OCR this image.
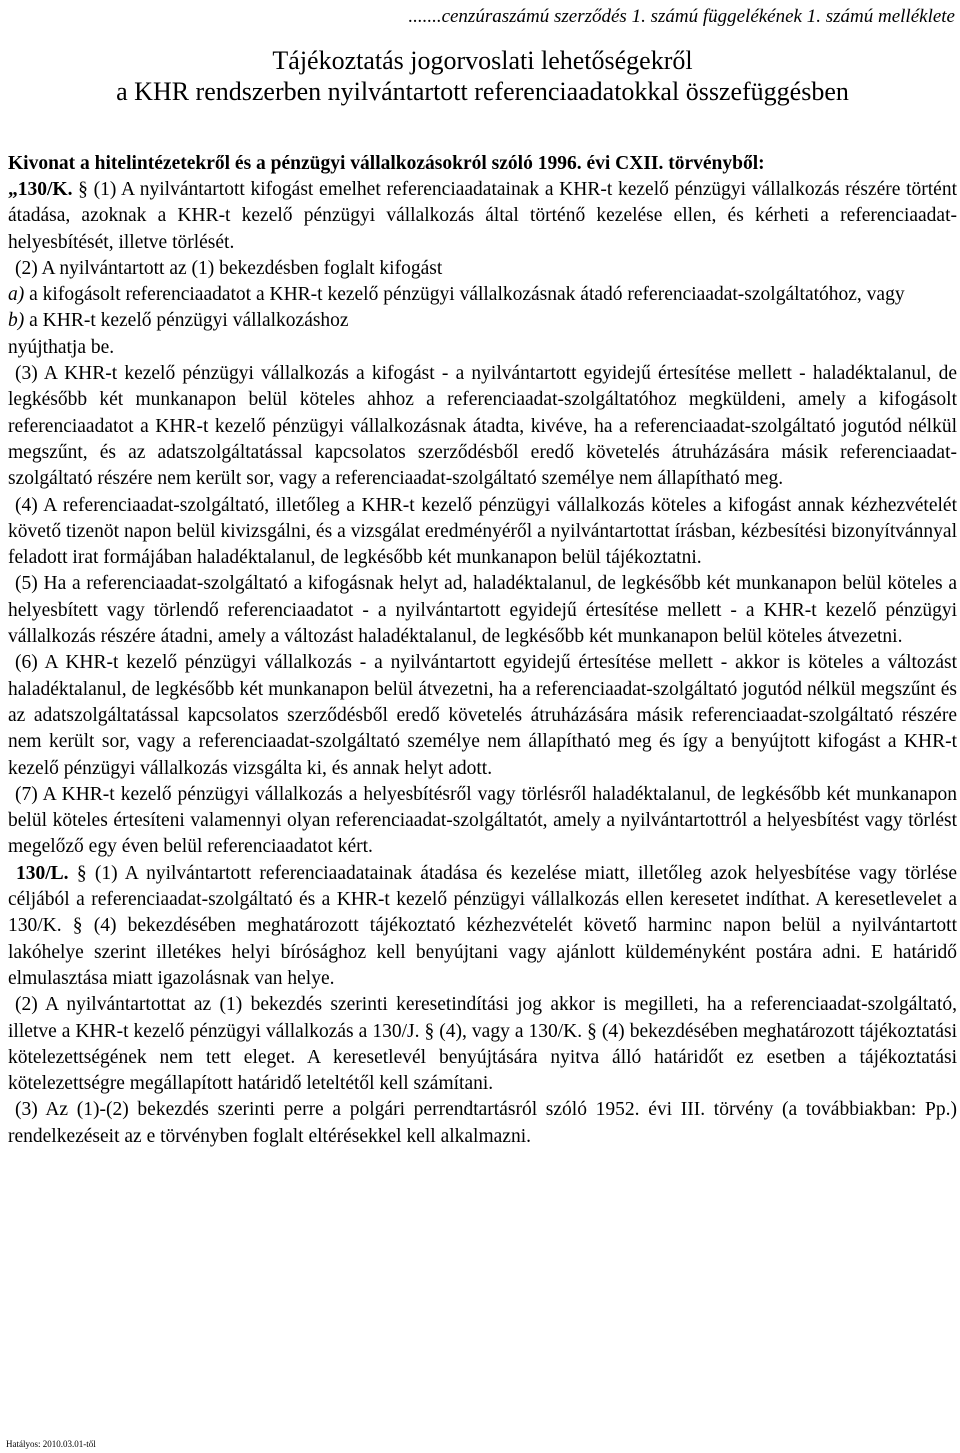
.......cenzúraszámú szerződés 1. számú függelékének 1. számú melléklete
Tájékoztatás jogorvoslati lehetőségekről
a KHR rendszerben nyilvántartott referenciaadatokkal összefüggésben
Kivonat a hitelintézetekről és a pénzügyi vállalkozásokról szóló 1996. évi CXII. törvényből:

„130/K. § (1) A nyilvántartott kifogást emelhet referenciaadatainak a KHR-t kezelő pénzügyi vállalkozás részére történt átadása, azoknak a KHR-t kezelő pénzügyi vállalkozás által történő kezelése ellen, és kérheti a referenciaadat-helyesbítését, illetve törlését.

(2) A nyilvántartott az (1) bekezdésben foglalt kifogást

a) a kifogásolt referenciaadatot a KHR-t kezelő pénzügyi vállalkozásnak átadó referenciaadat-szolgáltatóhoz, vagy

b) a KHR-t kezelő pénzügyi vállalkozáshoz

nyújthatja be.

(3) A KHR-t kezelő pénzügyi vállalkozás a kifogást - a nyilvántartott egyidejű értesítése mellett - haladéktalanul, de legkésőbb két munkanapon belül köteles ahhoz a referenciaadat-szolgáltatóhoz megküldeni, amely a kifogásolt referenciaadatot a KHR-t kezelő pénzügyi vállalkozásnak átadta, kivéve, ha a referenciaadat-szolgáltató jogutód nélkül megszűnt, és az adatszolgáltatással kapcsolatos szerződésből eredő követelés átruházására másik referenciaadat-szolgáltató részére nem került sor, vagy a referenciaadat-szolgáltató személye nem állapítható meg.

(4) A referenciaadat-szolgáltató, illetőleg a KHR-t kezelő pénzügyi vállalkozás köteles a kifogást annak kézhezvételét követő tizenöt napon belül kivizsgálni, és a vizsgálat eredményéről a nyilvántartottat írásban, kézbesítési bizonyítvánnyal feladott irat formájában haladéktalanul, de legkésőbb két munkanapon belül tájékoztatni.

(5) Ha a referenciaadat-szolgáltató a kifogásnak helyt ad, haladéktalanul, de legkésőbb két munkanapon belül köteles a helyesbített vagy törlendő referenciaadatot - a nyilvántartott egyidejű értesítése mellett - a KHR-t kezelő pénzügyi vállalkozás részére átadni, amely a változást haladéktalanul, de legkésőbb két munkanapon belül köteles átvezetni.

(6) A KHR-t kezelő pénzügyi vállalkozás - a nyilvántartott egyidejű értesítése mellett - akkor is köteles a változást haladéktalanul, de legkésőbb két munkanapon belül átvezetni, ha a referenciaadat-szolgáltató jogutód nélkül megszűnt és az adatszolgáltatással kapcsolatos szerződésből eredő követelés átruházására másik referenciaadat-szolgáltató részére nem került sor, vagy a referenciaadat-szolgáltató személye nem állapítható meg és így a benyújtott kifogást a KHR-t kezelő pénzügyi vállalkozás vizsgálta ki, és annak helyt adott.

(7) A KHR-t kezelő pénzügyi vállalkozás a helyesbítésről vagy törlésről haladéktalanul, de legkésőbb két munkanapon belül köteles értesíteni valamennyi olyan referenciaadat-szolgáltatót, amely a nyilvántartottról a helyesbítést vagy törlést megelőző egy éven belül referenciaadatot kért.

130/L. § (1) A nyilvántartott referenciaadatainak átadása és kezelése miatt, illetőleg azok helyesbítése vagy törlése céljából a referenciaadat-szolgáltató és a KHR-t kezelő pénzügyi vállalkozás ellen keresetet indíthat. A keresetlevelet a 130/K. § (4) bekezdésében meghatározott tájékoztató kézhezvételét követő harminc napon belül a nyilvántartott lakóhelye szerint illetékes helyi bírósághoz kell benyújtani vagy ajánlott küldeményként postára adni. E határidő elmulasztása miatt igazolásnak van helye.

(2) A nyilvántartottat az (1) bekezdés szerinti keresetindítási jog akkor is megilleti, ha a referenciaadat-szolgáltató, illetve a KHR-t kezelő pénzügyi vállalkozás a 130/J. § (4), vagy a 130/K. § (4) bekezdésében meghatározott tájékoztatási kötelezettségének nem tett eleget. A keresetlevél benyújtására nyitva álló határidőt ez esetben a tájékoztatási kötelezettségre megállapított határidő leteltétől kell számítani.

(3) Az (1)-(2) bekezdés szerinti perre a polgári perrendtartásról szóló 1952. évi III. törvény (a továbbiakban: Pp.) rendelkezéseit az e törvényben foglalt eltérésekkel kell alkalmazni.

Hatályos: 2010.03.01-től
